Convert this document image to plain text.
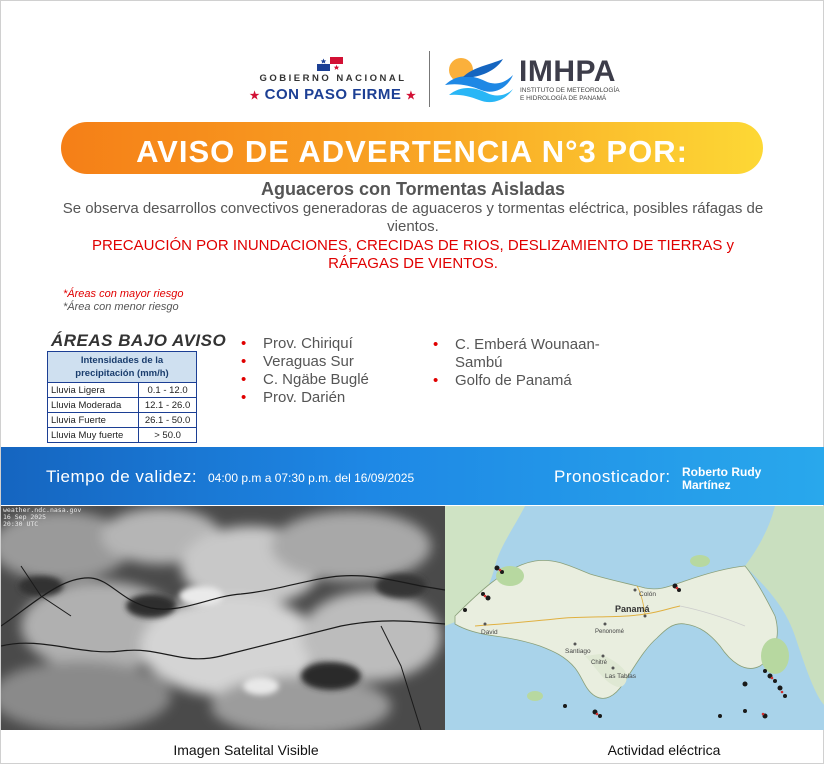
GOBIERNO NACIONAL
★ CON PASO FIRME ★
IMHPA
INSTITUTO DE METEOROLOGÍA
E HIDROLOGÍA DE PANAMÁ
AVISO DE ADVERTENCIA N°3 POR:
Aguaceros con Tormentas Aisladas
Se observa desarrollos convectivos generadoras de aguaceros y tormentas eléctrica, posibles ráfagas de vientos.
PRECAUCIÓN POR INUNDACIONES, CRECIDAS DE RIOS, DESLIZAMIENTO DE TIERRAS y RÁFAGAS DE VIENTOS.
*Áreas con mayor riesgo
*Área con menor riesgo
ÁREAS BAJO AVISO
Intensidades de la precipitación (mm/h)	
Lluvia Ligera	0.1 - 12.0
Lluvia Moderada	12.1 - 26.0
Lluvia Fuerte	26.1 - 50.0
Lluvia Muy fuerte	> 50.0
• Prov. Chiriquí
• Veraguas Sur
• C. Ngäbe Buglé
• Prov. Darién
• C. Emberá Wounaan-Sambú
• Golfo de Panamá
Tiempo de validez: 04:00 p.m a 07:30 p.m. del 16/09/2025	Pronosticador: Roberto Rudy Martínez
weather.ndc.nasa.gov
16 Sep 2025
20:30 UTC
Panamá
Colón
Santiago
David
Las Tablas
Penonomé
Chitré
Imagen Satelital Visible	Actividad eléctrica
